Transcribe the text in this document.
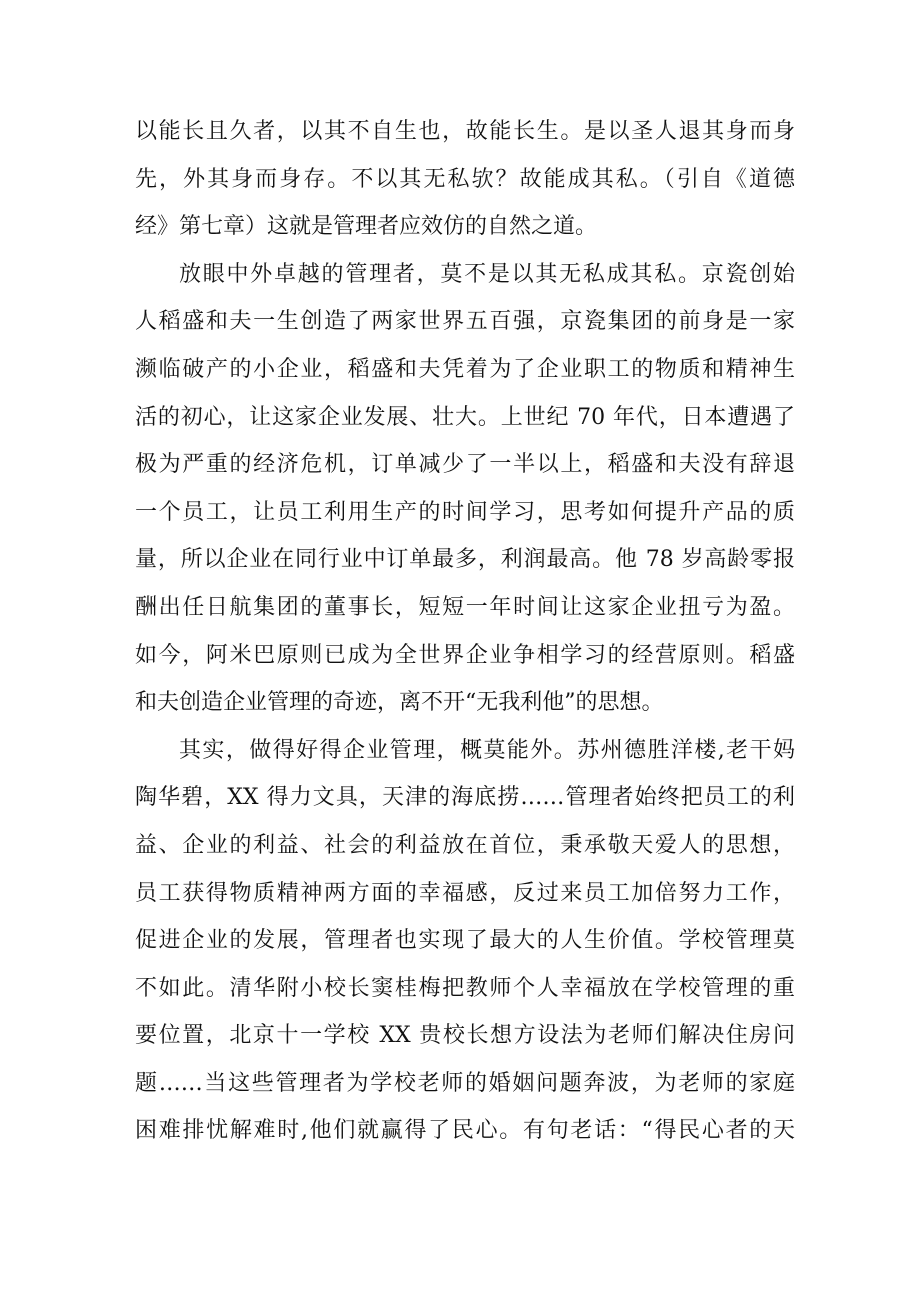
以能长且久者，以其不自生也，故能长生。是以圣人退其身而身
先，外其身而身存。不以其无私欤？故能成其私。（引自《道德
经》第七章）这就是管理者应效仿的自然之道。
放眼中外卓越的管理者，莫不是以其无私成其私。京瓷创始
人稻盛和夫一生创造了两家世界五百强，京瓷集团的前身是一家
濒临破产的小企业，稻盛和夫凭着为了企业职工的物质和精神生
活的初心，让这家企业发展、壮大。上世纪 70 年代，日本遭遇了
极为严重的经济危机，订单减少了一半以上，稻盛和夫没有辞退
一个员工，让员工利用生产的时间学习，思考如何提升产品的质
量，所以企业在同行业中订单最多，利润最高。他 78 岁高龄零报
酬出任日航集团的董事长，短短一年时间让这家企业扭亏为盈。
如今，阿米巴原则已成为全世界企业争相学习的经营原则。稻盛
和夫创造企业管理的奇迹，离不开“无我利他”的思想。
其实，做得好得企业管理，概莫能外。苏州德胜洋楼,老干妈
陶华碧，XX 得力文具，天津的海底捞……管理者始终把员工的利
益、企业的利益、社会的利益放在首位，秉承敬天爱人的思想，
员工获得物质精神两方面的幸福感，反过来员工加倍努力工作，
促进企业的发展，管理者也实现了最大的人生价值。学校管理莫
不如此。清华附小校长窦桂梅把教师个人幸福放在学校管理的重
要位置，北京十一学校 XX 贵校长想方设法为老师们解决住房问
题……当这些管理者为学校老师的婚姻问题奔波，为老师的家庭
困难排忧解难时,他们就赢得了民心。有句老话：“得民心者的天
